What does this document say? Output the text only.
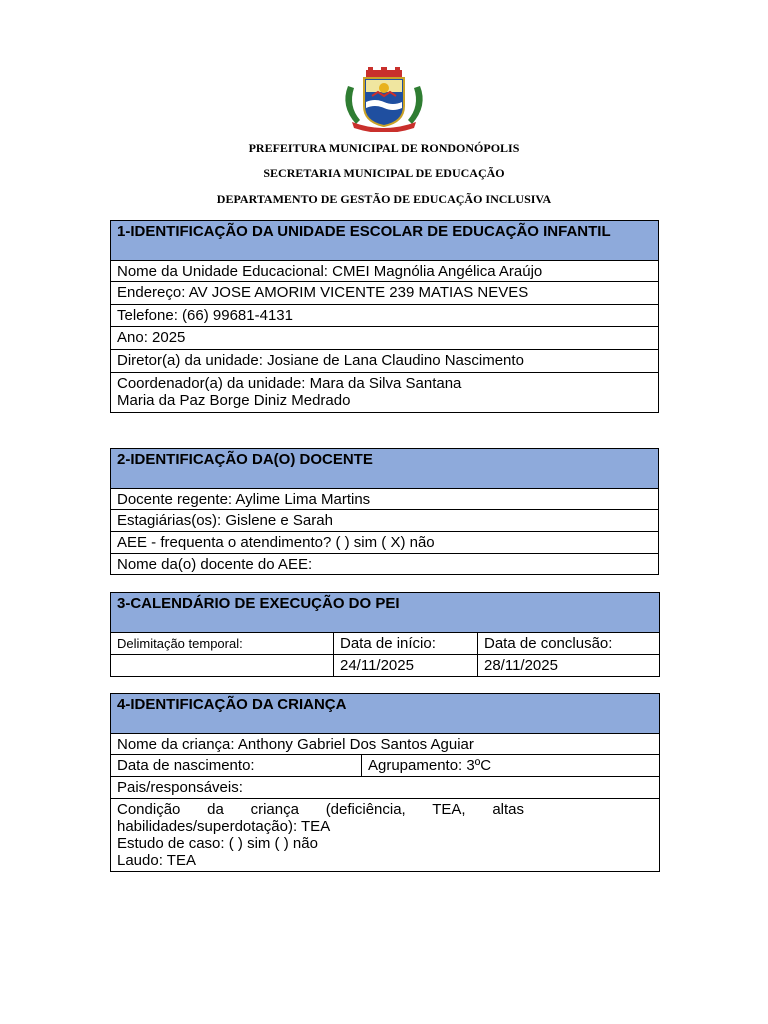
PREFEITURA MUNICIPAL DE RONDONÓPOLIS
SECRETARIA MUNICIPAL DE EDUCAÇÃO
DEPARTAMENTO DE GESTÃO DE EDUCAÇÃO INCLUSIVA
1-IDENTIFICAÇÃO DA UNIDADE ESCOLAR DE EDUCAÇÃO INFANTIL
Nome da Unidade Educacional: CMEI Magnólia Angélica Araújo
Endereço: AV JOSE AMORIM VICENTE 239 MATIAS NEVES
Telefone: (66) 99681-4131
Ano: 2025
Diretor(a) da unidade: Josiane de Lana Claudino Nascimento

Coordenador(a) da unidade: Mara da Silva Santana
Maria da Paz Borge Diniz Medrado
2-IDENTIFICAÇÃO DA(O) DOCENTE
Docente regente: Aylime Lima Martins
Estagiárias(os): Gislene e Sarah
AEE - frequenta o atendimento? ( ) sim ( X) não
Nome da(o) docente do AEE:
3-CALENDÁRIO DE EXECUÇÃO DO PEI		
Delimitação temporal:	Data de início:	Data de conclusão:
	24/11/2025	28/11/2025
4-IDENTIFICAÇÃO DA CRIANÇA
Nome da criança: Anthony Gabriel Dos Santos Aguiar
Data de nascimento:	Agrupamento: 3ºC
Pais/responsáveis:

Condição da criança (deficiência, TEA, altas
habilidades/superdotação): TEA
Estudo de caso: ( ) sim ( ) não
Laudo: TEA
